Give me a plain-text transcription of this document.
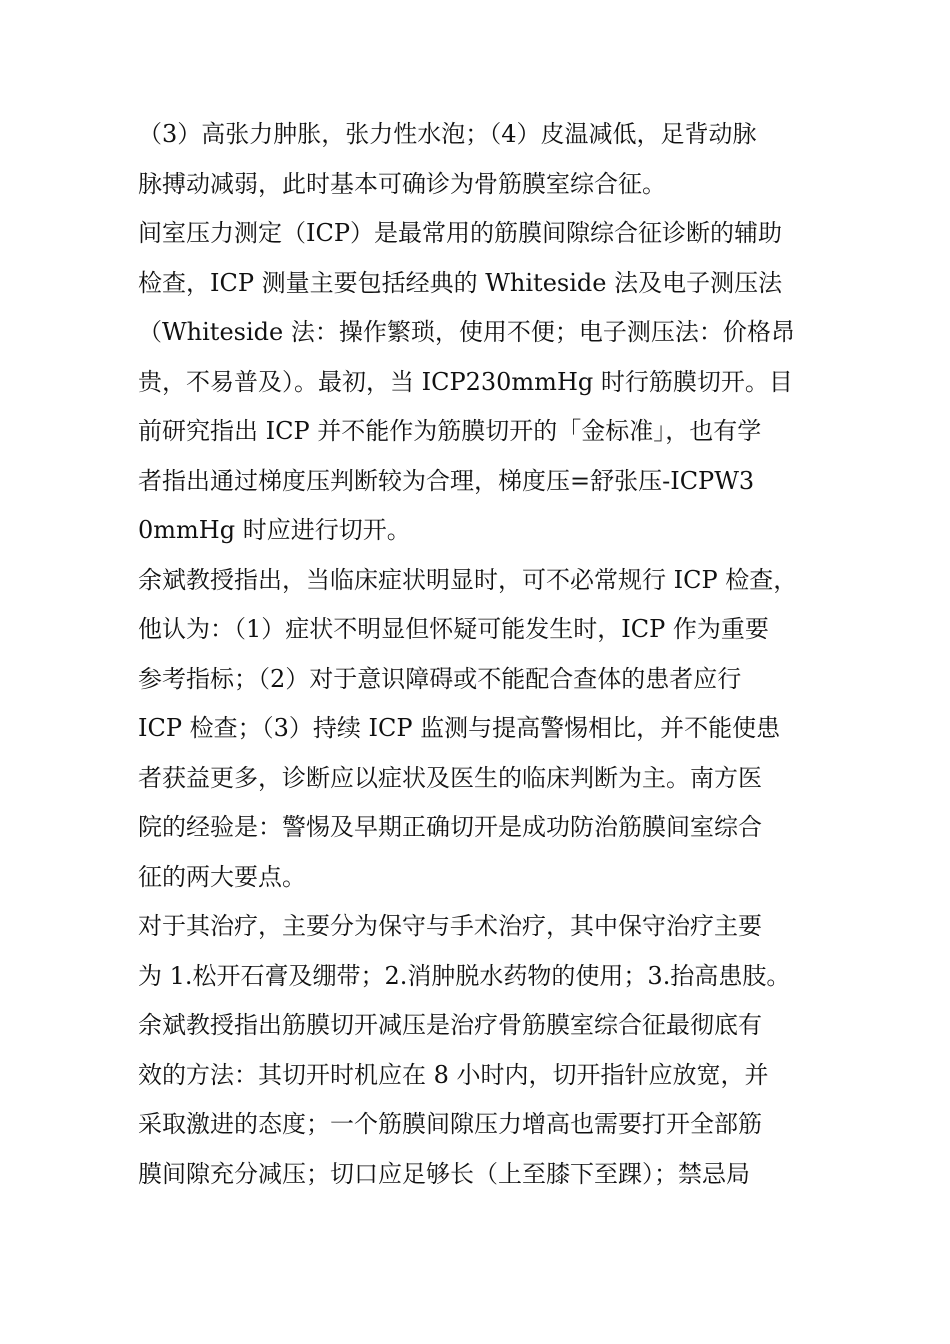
（3）高张力肿胀，张力性水泡；（4）皮温减低，足背动脉
脉搏动减弱，此时基本可确诊为骨筋膜室综合征。
间室压力测定（ICP）是最常用的筋膜间隙综合征诊断的辅助
检查，ICP 测量主要包括经典的 Whiteside 法及电子测压法
（Whiteside 法：操作繁琐，使用不便；电子测压法：价格昂
贵，不易普及）。最初，当 ICP230mmHg 时行筋膜切开。目
前研究指出 ICP 并不能作为筋膜切开的「金标准」，也有学
者指出通过梯度压判断较为合理，梯度压=舒张压-ICPW3
0mmHg 时应进行切开。
余斌教授指出，当临床症状明显时，可不必常规行 ICP 检查，
他认为：（1）症状不明显但怀疑可能发生时，ICP 作为重要
参考指标；（2）对于意识障碍或不能配合查体的患者应行
ICP 检查；（3）持续 ICP 监测与提高警惕相比，并不能使患
者获益更多，诊断应以症状及医生的临床判断为主。南方医
院的经验是：警惕及早期正确切开是成功防治筋膜间室综合
征的两大要点。
对于其治疗，主要分为保守与手术治疗，其中保守治疗主要
为 1.松开石膏及绷带；2.消肿脱水药物的使用；3.抬高患肢。
余斌教授指出筋膜切开减压是治疗骨筋膜室综合征最彻底有
效的方法：其切开时机应在 8 小时内，切开指针应放宽，并
采取激进的态度；一个筋膜间隙压力增高也需要打开全部筋
膜间隙充分减压；切口应足够长（上至膝下至踝）；禁忌局
